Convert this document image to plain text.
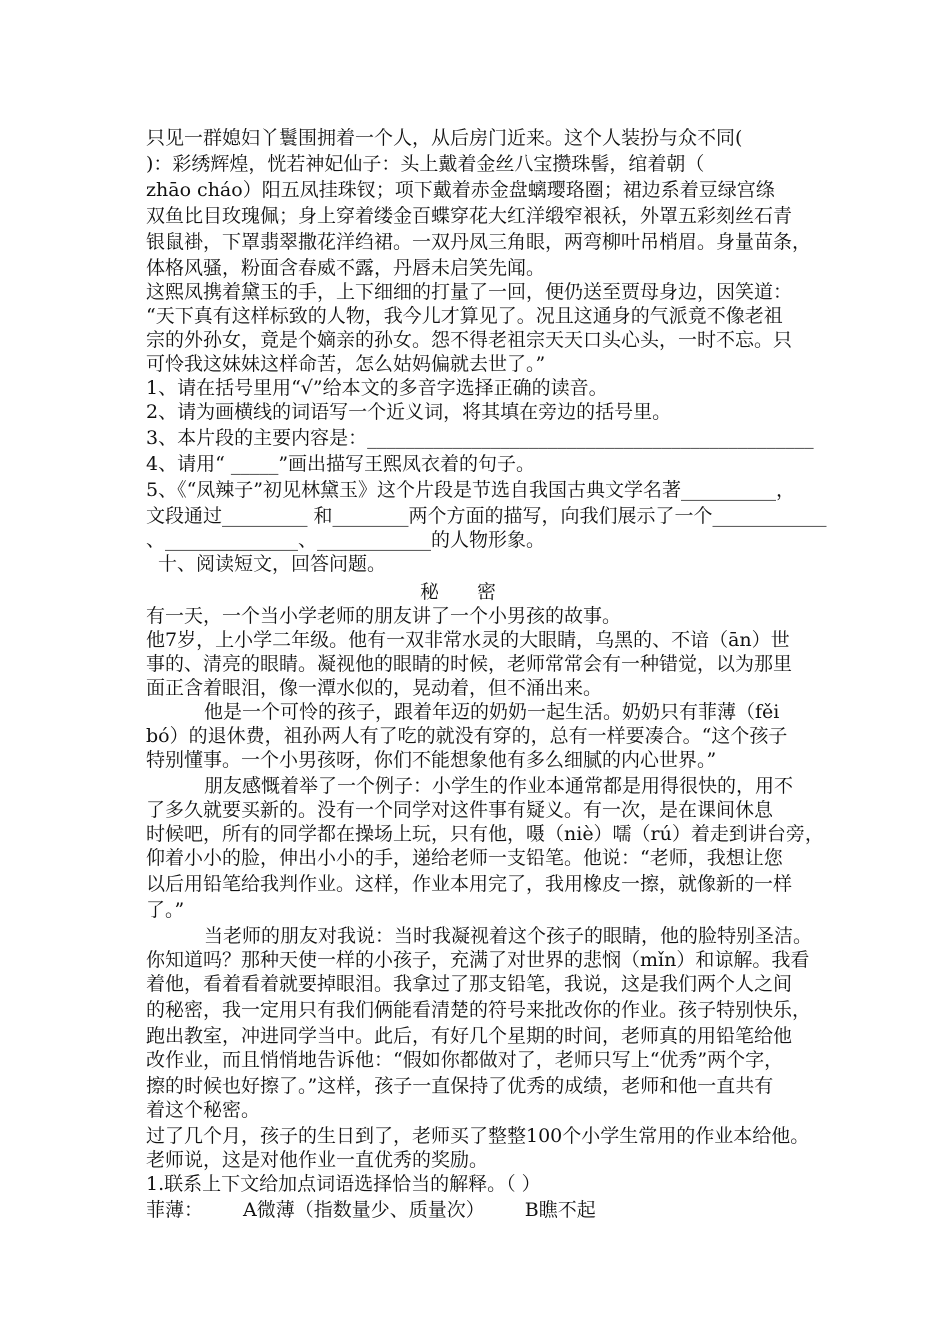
只见一群媳妇丫鬟围拥着一个人，从后房门近来。这个人装扮与众不同(
)：彩绣辉煌，恍若神妃仙子：头上戴着金丝八宝攒珠髻，绾着朝（
zhāo cháo）阳五凤挂珠钗；项下戴着赤金盘螭璎珞圈；裙边系着豆绿宫绦
双鱼比目玫瑰佩；身上穿着缕金百蝶穿花大红洋缎窄裉袄，外罩五彩刻丝石青
银鼠褂，下罩翡翠撒花洋绉裙。一双丹凤三角眼，两弯柳叶吊梢眉。身量苗条，
体格风骚，粉面含春威不露，丹唇未启笑先闻。
这熙凤携着黛玉的手，上下细细的打量了一回，便仍送至贾母身边，因笑道：
“天下真有这样标致的人物，我今儿才算见了。况且这通身的气派竟不像老祖
宗的外孙女，竟是个嫡亲的孙女。怨不得老祖宗天天口头心头，一时不忘。只
可怜我这妹妹这样命苦，怎么姑妈偏就去世了。”
1、请在括号里用“√”给本文的多音字选择正确的读音。
2、请为画横线的词语写一个近义词，将其填在旁边的括号里。
3、本片段的主要内容是：_______________________________________________
4、请用“ _____”画出描写王熙凤衣着的句子。
5、《“凤辣子”初见林黛玉》这个片段是节选自我国古典文学名著__________，
文段通过_________ 和________两个方面的描写，向我们展示了一个____________
、______________、____________的人物形象。
十、阅读短文，回答问题。
秘 密
有一天，一个当小学老师的朋友讲了一个小男孩的故事。
他7岁，上小学二年级。他有一双非常水灵的大眼睛，乌黑的、不谙（ān）世
事的、清亮的眼睛。凝视他的眼睛的时候，老师常常会有一种错觉，以为那里
面正含着眼泪，像一潭水似的，晃动着，但不涌出来。
他是一个可怜的孩子，跟着年迈的奶奶一起生活。奶奶只有菲薄（fěi
bó）的退休费，祖孙两人有了吃的就没有穿的，总有一样要凑合。“这个孩子
特别懂事。一个小男孩呀，你们不能想象他有多么细腻的内心世界。”
朋友感慨着举了一个例子：小学生的作业本通常都是用得很快的，用不
了多久就要买新的。没有一个同学对这件事有疑义。有一次，是在课间休息
时候吧，所有的同学都在操场上玩，只有他，嗫（niè）嚅（rú）着走到讲台旁，
仰着小小的脸，伸出小小的手，递给老师一支铅笔。他说：“老师，我想让您
以后用铅笔给我判作业。这样，作业本用完了，我用橡皮一擦，就像新的一样
了。”
当老师的朋友对我说：当时我凝视着这个孩子的眼睛，他的脸特别圣洁。
你知道吗？那种天使一样的小孩子，充满了对世界的悲悯（mǐn）和谅解。我看
着他，看着看着就要掉眼泪。我拿过了那支铅笔，我说，这是我们两个人之间
的秘密，我一定用只有我们俩能看清楚的符号来批改你的作业。孩子特别快乐，
跑出教室，冲进同学当中。此后，有好几个星期的时间，老师真的用铅笔给他
改作业，而且悄悄地告诉他：“假如你都做对了，老师只写上“优秀”两个字，
擦的时候也好擦了。”这样，孩子一直保持了优秀的成绩，老师和他一直共有
着这个秘密。
过了几个月，孩子的生日到了，老师买了整整100个小学生常用的作业本给他。
老师说，这是对他作业一直优秀的奖励。
1.联系上下文给加点词语选择恰当的解释。（ ）
菲薄： A微薄（指数量少、质量次） B瞧不起
